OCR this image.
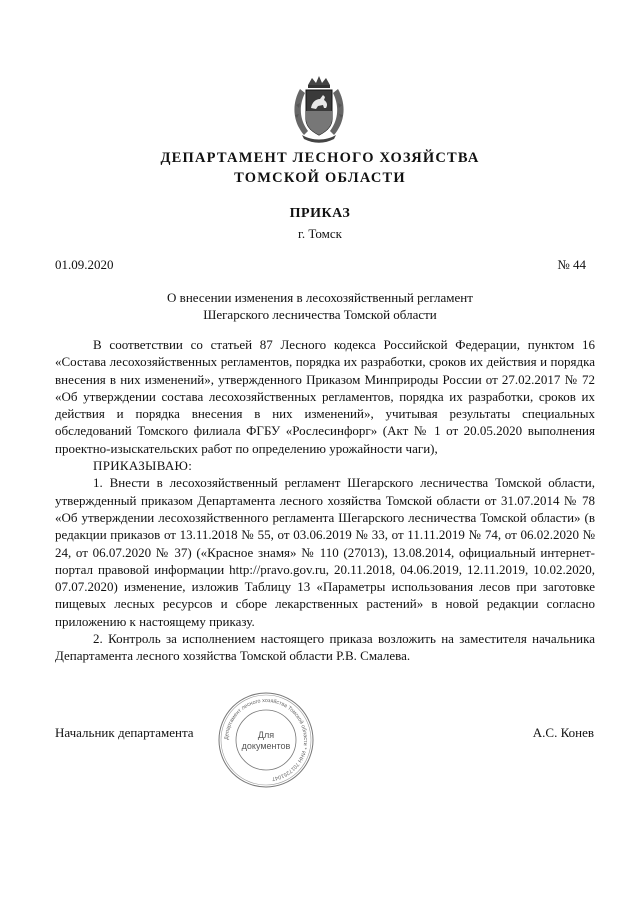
ДЕПАРТАМЕНТ ЛЕСНОГО ХОЗЯЙСТВА
ТОМСКОЙ ОБЛАСТИ
ПРИКАЗ
г. Томск
01.09.2020	№ 44
О внесении изменения в лесохозяйственный регламент
Шегарского лесничества Томской области

В соответствии со статьей 87 Лесного кодекса Российской Федерации, пунктом 16 «Состава лесохозяйственных регламентов, порядка их разработки, сроков их действия и порядка внесения в них изменений», утвержденного Приказом Минприроды России от 27.02.2017 № 72 «Об утверждении состава лесохозяйственных регламентов, порядка их разработки, сроков их действия и порядка внесения в них изменений», учитывая результаты специальных обследований Томского филиала ФГБУ «Рослесинфорг» (Акт № 1 от 20.05.2020 выполнения проектно-изыскательских работ по определению урожайности чаги),

ПРИКАЗЫВАЮ:

1. Внести в лесохозяйственный регламент Шегарского лесничества Томской области, утвержденный приказом Департамента лесного хозяйства Томской области от 31.07.2014 № 78 «Об утверждении лесохозяйственного регламента Шегарского лесничества Томской области» (в редакции приказов от 13.11.2018 № 55, от 03.06.2019 № 33, от 11.11.2019 № 74, от 06.02.2020 № 24, от 06.07.2020 № 37) («Красное знамя» № 110 (27013), 13.08.2014, официальный интернет-портал правовой информации http://pravo.gov.ru, 20.11.2018, 04.06.2019, 12.11.2019, 10.02.2020, 07.07.2020) изменение, изложив Таблицу 13 «Параметры использования лесов при заготовке пищевых лесных ресурсов и сборе лекарственных растений» в новой редакции согласно приложению к настоящему приказу.

2. Контроль за исполнением настоящего приказа возложить на заместителя начальника Департамента лесного хозяйства Томской области Р.В. Смалева.

Начальник департамента	А.С. Конев
Департамент лесного хозяйства Томской области * ИНН 7017251047
Для
документов
